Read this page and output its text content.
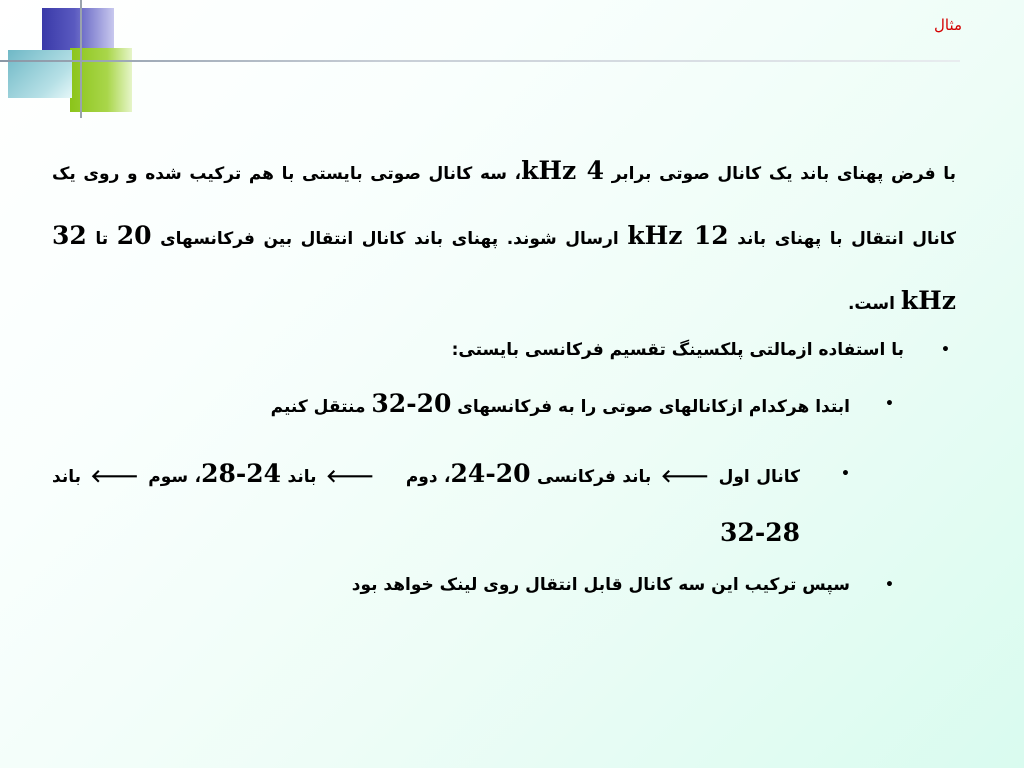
مثال

با فرض پهنای باند یک کانال صوتی برابر 4 kHz، سه کانال صوتی بایستی با هم ترکیب شده و روی یک کانال انتقال با پهنای باند 12 kHz ارسال شوند. پهنای باند کانال انتقال بین فرکانسهای 20 تا 32 kHz است.

•
با استفاده ازمالتی پلکسینگ تقسیم فرکانسی بایستی:
•
ابتدا هرکدام ازکانالهای صوتی را به فرکانسهای 20-32 منتقل کنیم
•
کانال اول 🡐 باند فرکانسی 20-24، دوم 🡐 باند 24-28، سوم 🡐 باند 28-32
•
سپس ترکیب این سه کانال قابل انتقال روی لینک خواهد بود
